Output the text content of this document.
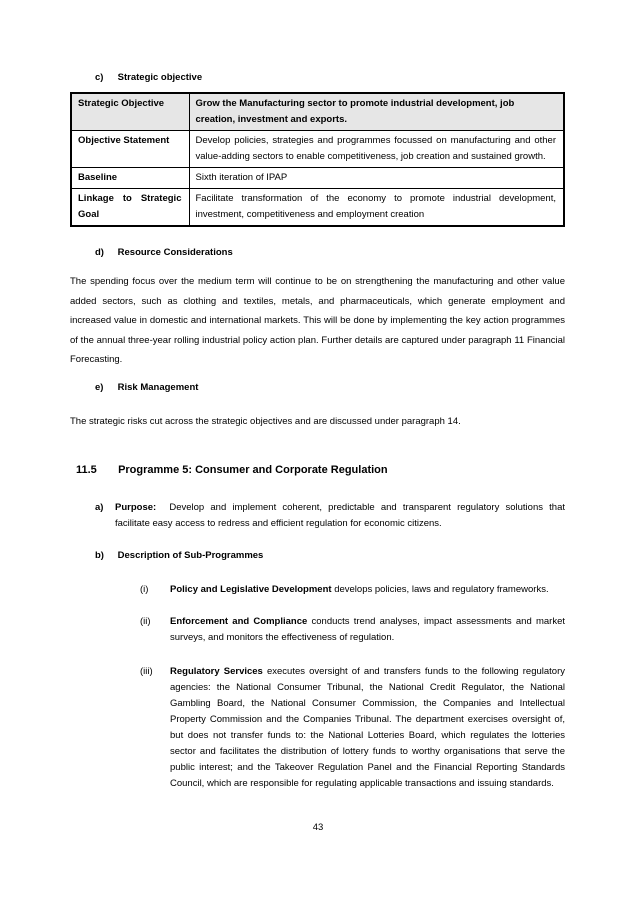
c) Strategic objective
Strategic Objective	Grow the Manufacturing sector to promote industrial development, job creation, investment and exports.
Objective Statement	Develop policies, strategies and programmes focussed on manufacturing and other value-adding sectors to enable competitiveness, job creation and sustained growth.
Baseline	Sixth iteration of IPAP
Linkage to Strategic Goal	Facilitate transformation of the economy to promote industrial development, investment, competitiveness and employment creation
d) Resource Considerations

The spending focus over the medium term will continue to be on strengthening the manufacturing and other value added sectors, such as clothing and textiles, metals, and pharmaceuticals, which generate employment and increased value in domestic and international markets. This will be done by implementing the key action programmes of the annual three-year rolling industrial policy action plan. Further details are captured under paragraph 11 Financial Forecasting.

e) Risk Management

The strategic risks cut across the strategic objectives and are discussed under paragraph 14.

11.5 Programme 5: Consumer and Corporate Regulation
a) Purpose: Develop and implement coherent, predictable and transparent regulatory solutions that facilitate easy access to redress and efficient regulation for economic citizens.
b) Description of Sub-Programmes
(i) Policy and Legislative Development develops policies, laws and regulatory frameworks.
(ii) Enforcement and Compliance conducts trend analyses, impact assessments and market surveys, and monitors the effectiveness of regulation.
(iii) Regulatory Services executes oversight of and transfers funds to the following regulatory agencies: the National Consumer Tribunal, the National Credit Regulator, the National Gambling Board, the National Consumer Commission, the Companies and Intellectual Property Commission and the Companies Tribunal. The department exercises oversight of, but does not transfer funds to: the National Lotteries Board, which regulates the lotteries sector and facilitates the distribution of lottery funds to worthy organisations that serve the public interest; and the Takeover Regulation Panel and the Financial Reporting Standards Council, which are responsible for regulating applicable transactions and issuing standards.
43
